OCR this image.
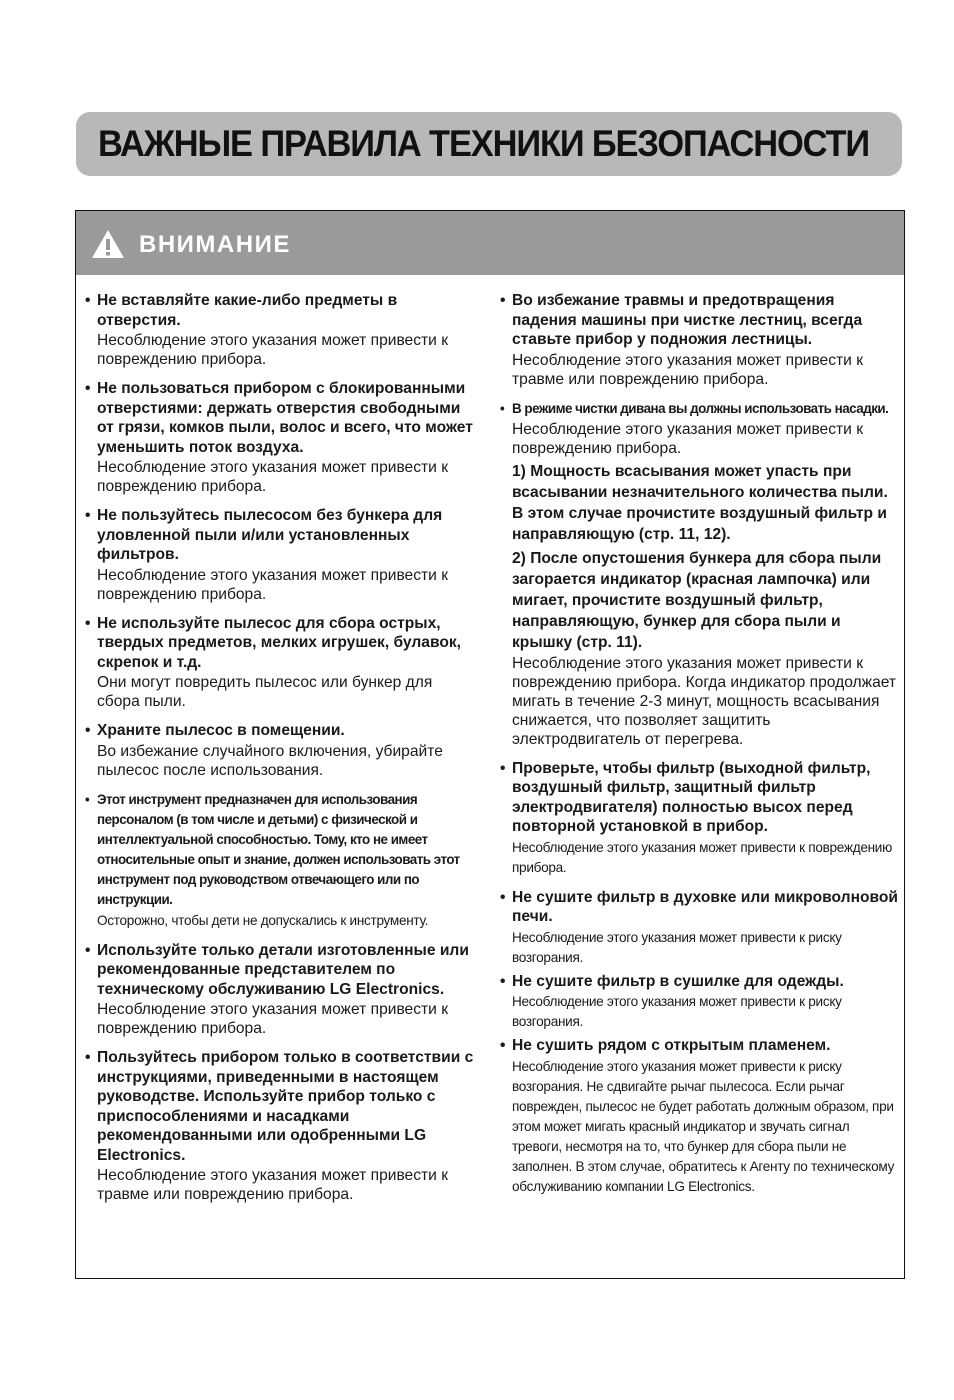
ВАЖНЫЕ ПРАВИЛА ТЕХНИКИ БЕЗОПАСНОСТИ
ВНИМАНИЕ
• Не вставляйте какие-либо предметы в отверстия.
Несоблюдение этого указания может привести к повреждению прибора.
• Не пользоваться прибором с блокированными отверстиями: держать отверстия свободными от грязи, комков пыли, волос и всего, что может уменьшить поток воздуха.
Несоблюдение этого указания может привести к повреждению прибора.
• Не пользуйтесь пылесосом без бункера для уловленной пыли и/или установленных фильтров.
Несоблюдение этого указания может привести к повреждению прибора.
• Не используйте пылесос для сбора острых, твердых предметов, мелких игрушек, булавок, скрепок и т.д.
Они могут повредить пылесос или бункер для сбора пыли.
• Храните пылесос в помещении.
Во избежание случайного включения, убирайте пылесос после использования.
• Этот инструмент предназначен для использования персоналом (в том числе и детьми) с физической и интеллектуальной способностью. Тому, кто не имеет относительные опыт и знание, должен использовать этот инструмент под руководством отвечающего или по инструкции.
Осторожно, чтобы дети не допускались к инструменту.
• Используйте только детали изготовленные или рекомендованные представителем по техническому обслуживанию LG Electronics.
Несоблюдение этого указания может привести к повреждению прибора.
• Пользуйтесь прибором только в соответствии с инструкциями, приведенными в настоящем руководстве. Используйте прибор только с приспособлениями и насадками рекомендованными или одобренными LG Electronics.
Несоблюдение этого указания может привести к травме или повреждению прибора.
• Во избежание травмы и предотвращения падения машины при чистке лестниц, всегда ставьте прибор у подножия лестницы.
Несоблюдение этого указания может привести к травме или повреждению прибора.
• В режиме чистки дивана вы должны использовать насадки.
Несоблюдение этого указания может привести к повреждению прибора.
1) Мощность всасывания может упасть при всасывании незначительного количества пыли. В этом случае прочистите воздушный фильтр и направляющую (стр. 11, 12).
2) После опустошения бункера для сбора пыли загорается индикатор (красная лампочка) или мигает, прочистите воздушный фильтр, направляющую, бункер для сбора пыли и крышку (стр. 11).
Несоблюдение этого указания может привести к повреждению прибора. Когда индикатор продолжает мигать в течение 2-3 минут, мощность всасывания снижается, что позволяет защитить электродвигатель от перегрева.
• Проверьте, чтобы фильтр (выходной фильтр, воздушный фильтр, защитный фильтр электродвигателя) полностью высох перед повторной установкой в прибор.
Несоблюдение этого указания может привести к повреждению прибора.
• Не сушите фильтр в духовке или микроволновой печи.
Несоблюдение этого указания может привести к риску возгорания.
• Не сушите фильтр в сушилке для одежды.
Несоблюдение этого указания может привести к риску возгорания.
• Не сушить рядом с открытым пламенем.
Несоблюдение этого указания может привести к риску возгорания. Не сдвигайте рычаг пылесоса. Если рычаг поврежден, пылесос не будет работать должным образом, при этом может мигать красный индикатор и звучать сигнал тревоги, несмотря на то, что бункер для сбора пыли не заполнен. В этом случае, обратитесь к Агенту по техническому обслуживанию компании LG Electronics.
